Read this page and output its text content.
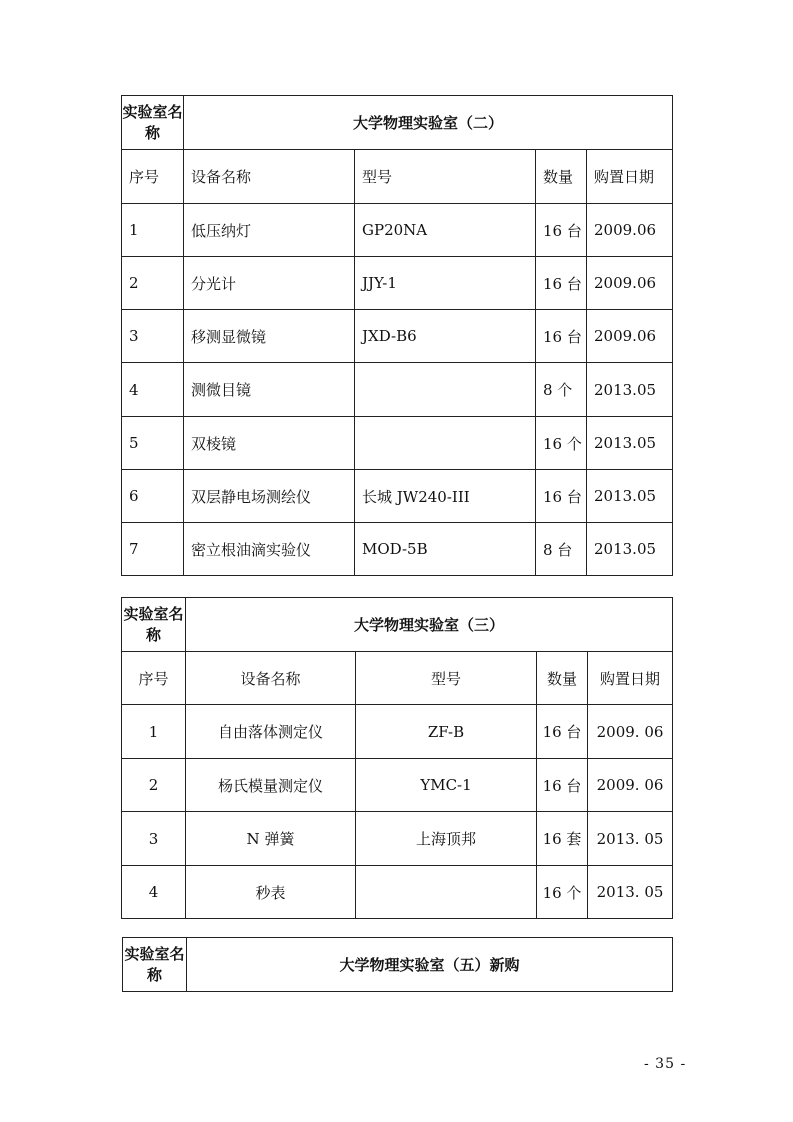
实验室名称	大学物理实验室（二）			
序号	设备名称	型号	数量	购置日期
1	低压纳灯	GP20NA	16 台	2009.06
2	分光计	JJY-1	16 台	2009.06
3	移测显微镜	JXD-B6	16 台	2009.06
4	测微目镜		8 个	2013.05
5	双棱镜		16 个	2013.05
6	双层静电场测绘仪	长城 JW240-III	16 台	2013.05
7	密立根油滴实验仪	MOD-5B	8 台	2013.05
实验室名称	大学物理实验室（三）			
序号	设备名称	型号	数量	购置日期
1	自由落体测定仪	ZF-B	16 台	2009. 06
2	杨氏模量测定仪	YMC-1	16 台	2009. 06
3	N 弹簧	上海顶邦	16 套	2013. 05
4	秒表		16 个	2013. 05
实验室名称	大学物理实验室（五）新购
- 35 -
